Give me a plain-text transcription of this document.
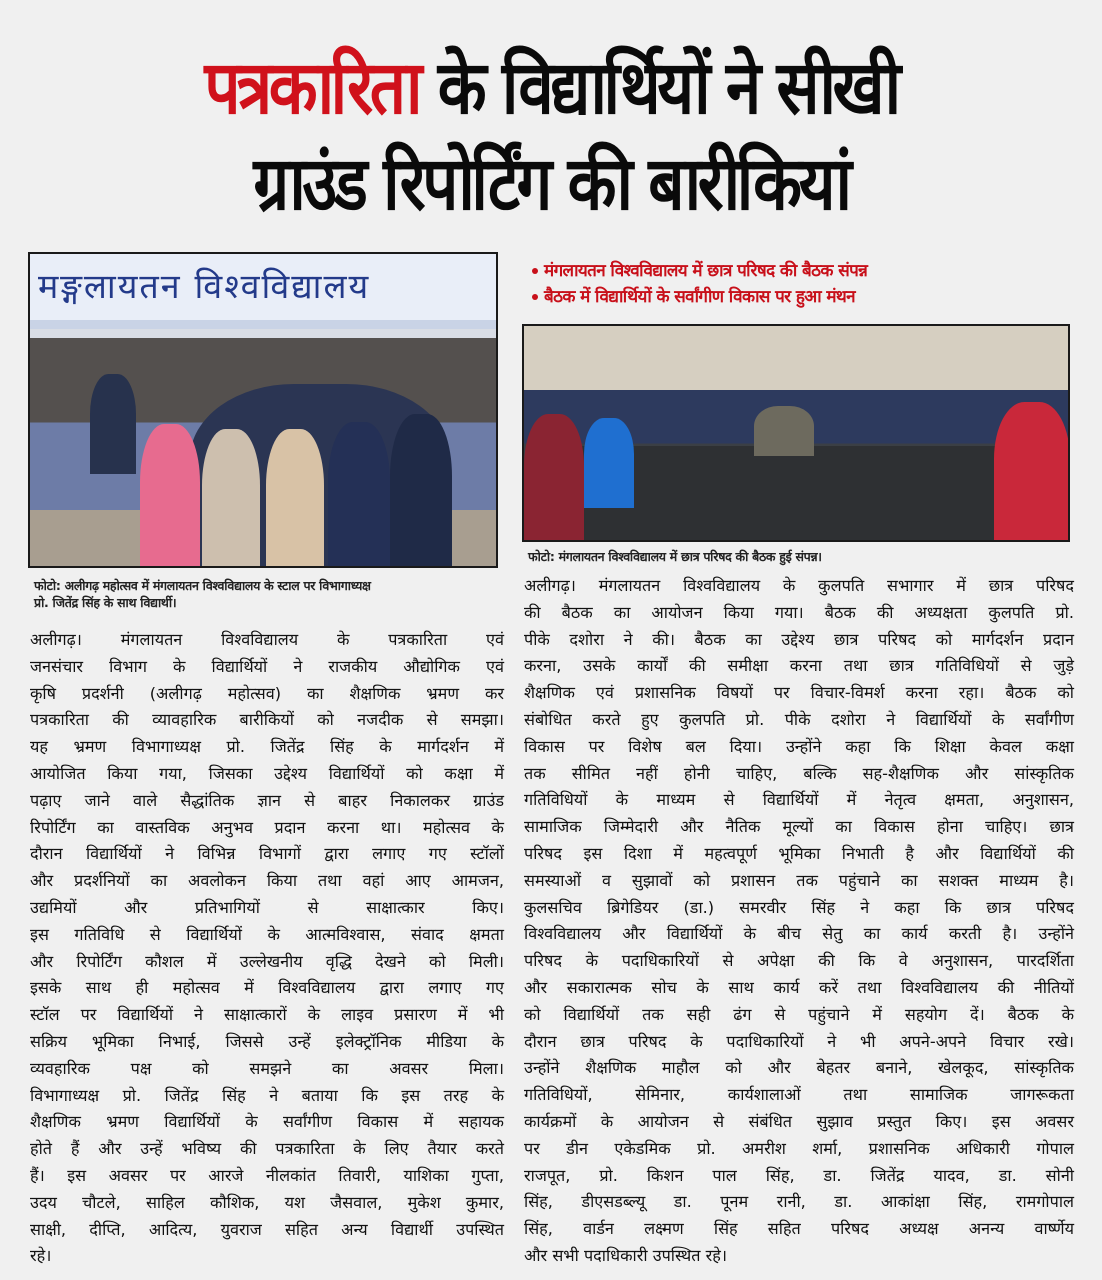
पत्रकारिता के विद्यार्थियों ने सीखी
ग्राउंड रिपोर्टिंग की बारीकियां
मङ्गलायतन विश्वविद्यालय
फोटो: अलीगढ़ महोत्सव में मंगलायतन विश्वविद्यालय के स्टाल पर विभागाध्यक्ष
प्रो. जितेंद्र सिंह के साथ विद्यार्थी।
अलीगढ़। मंगलायतन विश्वविद्यालय के पत्रकारिता एवं
जनसंचार विभाग के विद्यार्थियों ने राजकीय औद्योगिक एवं
कृषि प्रदर्शनी (अलीगढ़ महोत्सव) का शैक्षणिक भ्रमण कर
पत्रकारिता की व्यावहारिक बारीकियों को नजदीक से समझा।
यह भ्रमण विभागाध्यक्ष प्रो. जितेंद्र सिंह के मार्गदर्शन में
आयोजित किया गया, जिसका उद्देश्य विद्यार्थियों को कक्षा में
पढ़ाए जाने वाले सैद्धांतिक ज्ञान से बाहर निकालकर ग्राउंड
रिपोर्टिंग का वास्तविक अनुभव प्रदान करना था। महोत्सव के
दौरान विद्यार्थियों ने विभिन्न विभागों द्वारा लगाए गए स्टॉलों
और प्रदर्शनियों का अवलोकन किया तथा वहां आए आमजन,
उद्यमियों और प्रतिभागियों से साक्षात्कार किए।
इस गतिविधि से विद्यार्थियों के आत्मविश्वास, संवाद क्षमता
और रिपोर्टिंग कौशल में उल्लेखनीय वृद्धि देखने को मिली।
इसके साथ ही महोत्सव में विश्वविद्यालय द्वारा लगाए गए
स्टॉल पर विद्यार्थियों ने साक्षात्कारों के लाइव प्रसारण में भी
सक्रिय भूमिका निभाई, जिससे उन्हें इलेक्ट्रॉनिक मीडिया के
व्यवहारिक पक्ष को समझने का अवसर मिला।
विभागाध्यक्ष प्रो. जितेंद्र सिंह ने बताया कि इस तरह के
शैक्षणिक भ्रमण विद्यार्थियों के सर्वांगीण विकास में सहायक
होते हैं और उन्हें भविष्य की पत्रकारिता के लिए तैयार करते
हैं। इस अवसर पर आरजे नीलकांत तिवारी, याशिका गुप्ता,
उदय चौटले, साहिल कौशिक, यश जैसवाल, मुकेश कुमार,
साक्षी, दीप्ति, आदित्य, युवराज सहित अन्य विद्यार्थी उपस्थित
रहे।
मंगलायतन विश्वविद्यालय में छात्र परिषद की बैठक संपन्न
बैठक में विद्यार्थियों के सर्वांगीण विकास पर हुआ मंथन
फोटो: मंगलायतन विश्वविद्यालय में छात्र परिषद की बैठक हुई संपन्न।
अलीगढ़। मंगलायतन विश्वविद्यालय के कुलपति सभागार में छात्र परिषद
की बैठक का आयोजन किया गया। बैठक की अध्यक्षता कुलपति प्रो.
पीके दशोरा ने की। बैठक का उद्देश्य छात्र परिषद को मार्गदर्शन प्रदान
करना, उसके कार्यों की समीक्षा करना तथा छात्र गतिविधियों से जुड़े
शैक्षणिक एवं प्रशासनिक विषयों पर विचार-विमर्श करना रहा। बैठक को
संबोधित करते हुए कुलपति प्रो. पीके दशोरा ने विद्यार्थियों के सर्वांगीण
विकास पर विशेष बल दिया। उन्होंने कहा कि शिक्षा केवल कक्षा
तक सीमित नहीं होनी चाहिए, बल्कि सह-शैक्षणिक और सांस्कृतिक
गतिविधियों के माध्यम से विद्यार्थियों में नेतृत्व क्षमता, अनुशासन,
सामाजिक जिम्मेदारी और नैतिक मूल्यों का विकास होना चाहिए। छात्र
परिषद इस दिशा में महत्वपूर्ण भूमिका निभाती है और विद्यार्थियों की
समस्याओं व सुझावों को प्रशासन तक पहुंचाने का सशक्त माध्यम है।
कुलसचिव ब्रिगेडियर (डा.) समरवीर सिंह ने कहा कि छात्र परिषद
विश्वविद्यालय और विद्यार्थियों के बीच सेतु का कार्य करती है। उन्होंने
परिषद के पदाधिकारियों से अपेक्षा की कि वे अनुशासन, पारदर्शिता
और सकारात्मक सोच के साथ कार्य करें तथा विश्वविद्यालय की नीतियों
को विद्यार्थियों तक सही ढंग से पहुंचाने में सहयोग दें। बैठक के
दौरान छात्र परिषद के पदाधिकारियों ने भी अपने-अपने विचार रखे।
उन्होंने शैक्षणिक माहौल को और बेहतर बनाने, खेलकूद, सांस्कृतिक
गतिविधियों, सेमिनार, कार्यशालाओं तथा सामाजिक जागरूकता
कार्यक्रमों के आयोजन से संबंधित सुझाव प्रस्तुत किए। इस अवसर
पर डीन एकेडमिक प्रो. अमरीश शर्मा, प्रशासनिक अधिकारी गोपाल
राजपूत, प्रो. किशन पाल सिंह, डा. जितेंद्र यादव, डा. सोनी
सिंह, डीएसडब्ल्यू डा. पूनम रानी, डा. आकांक्षा सिंह, रामगोपाल
सिंह, वार्डन लक्ष्मण सिंह सहित परिषद अध्यक्ष अनन्य वार्ष्णेय
और सभी पदाधिकारी उपस्थित रहे।
